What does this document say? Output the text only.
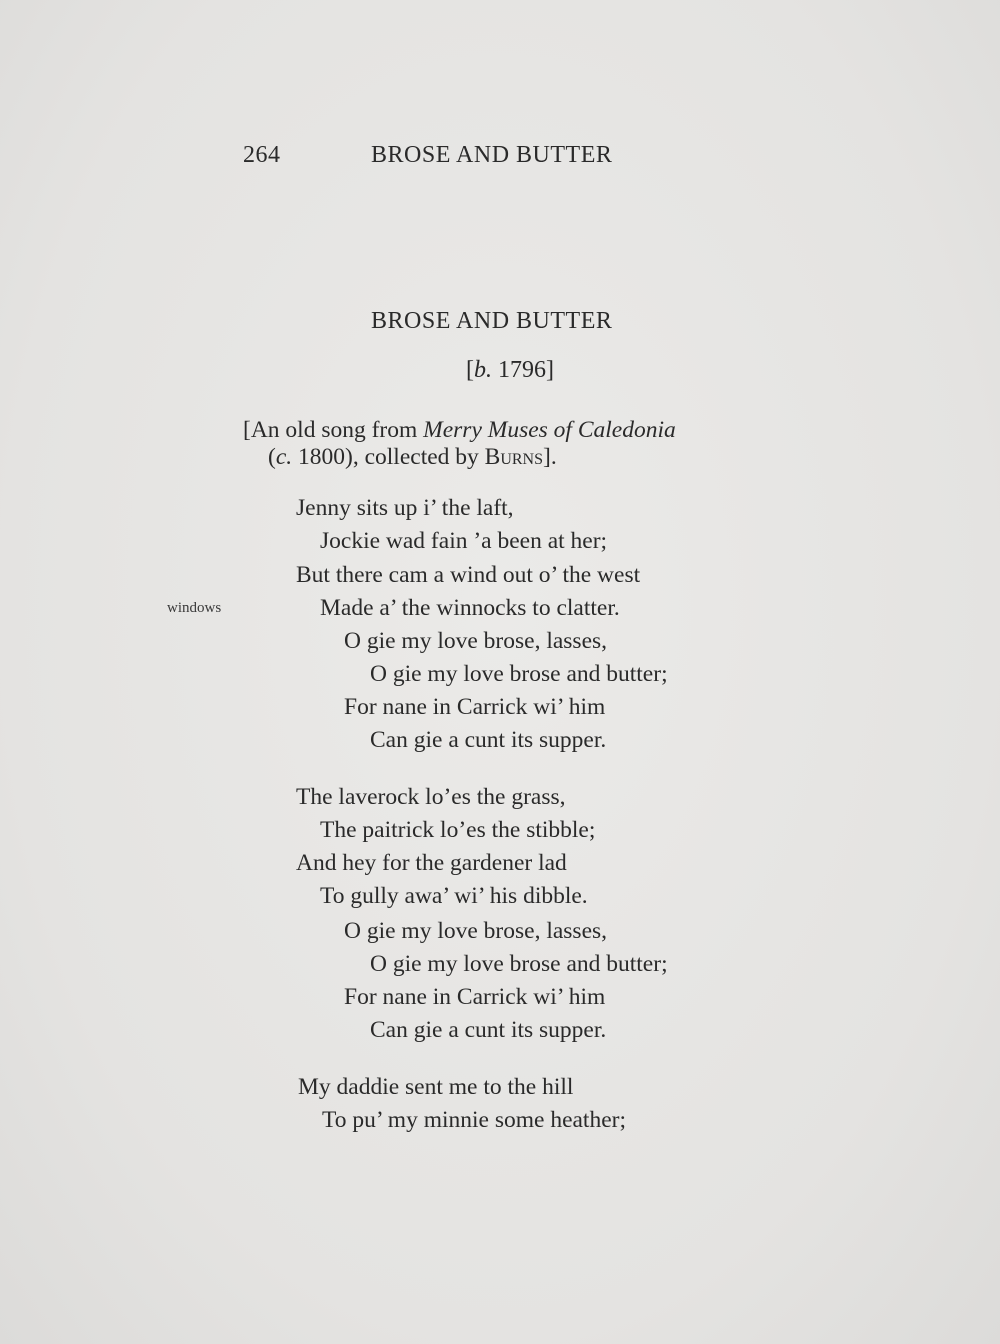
264	BROSE AND BUTTER
BROSE AND BUTTER
[b. 1796]
[An old song from Merry Muses of Caledonia
(c. 1800), collected by Burns].
windows
Jenny sits up i’ the laft,
Jockie wad fain ’a been at her;
But there cam a wind out o’ the west
Made a’ the winnocks to clatter.
O gie my love brose, lasses,
O gie my love brose and butter;
For nane in Carrick wi’ him
Can gie a cunt its supper.
The laverock lo’es the grass,
The paitrick lo’es the stibble;
And hey for the gardener lad
To gully awa’ wi’ his dibble.
O gie my love brose, lasses,
O gie my love brose and butter;
For nane in Carrick wi’ him
Can gie a cunt its supper.
My daddie sent me to the hill
To pu’ my minnie some heather;
